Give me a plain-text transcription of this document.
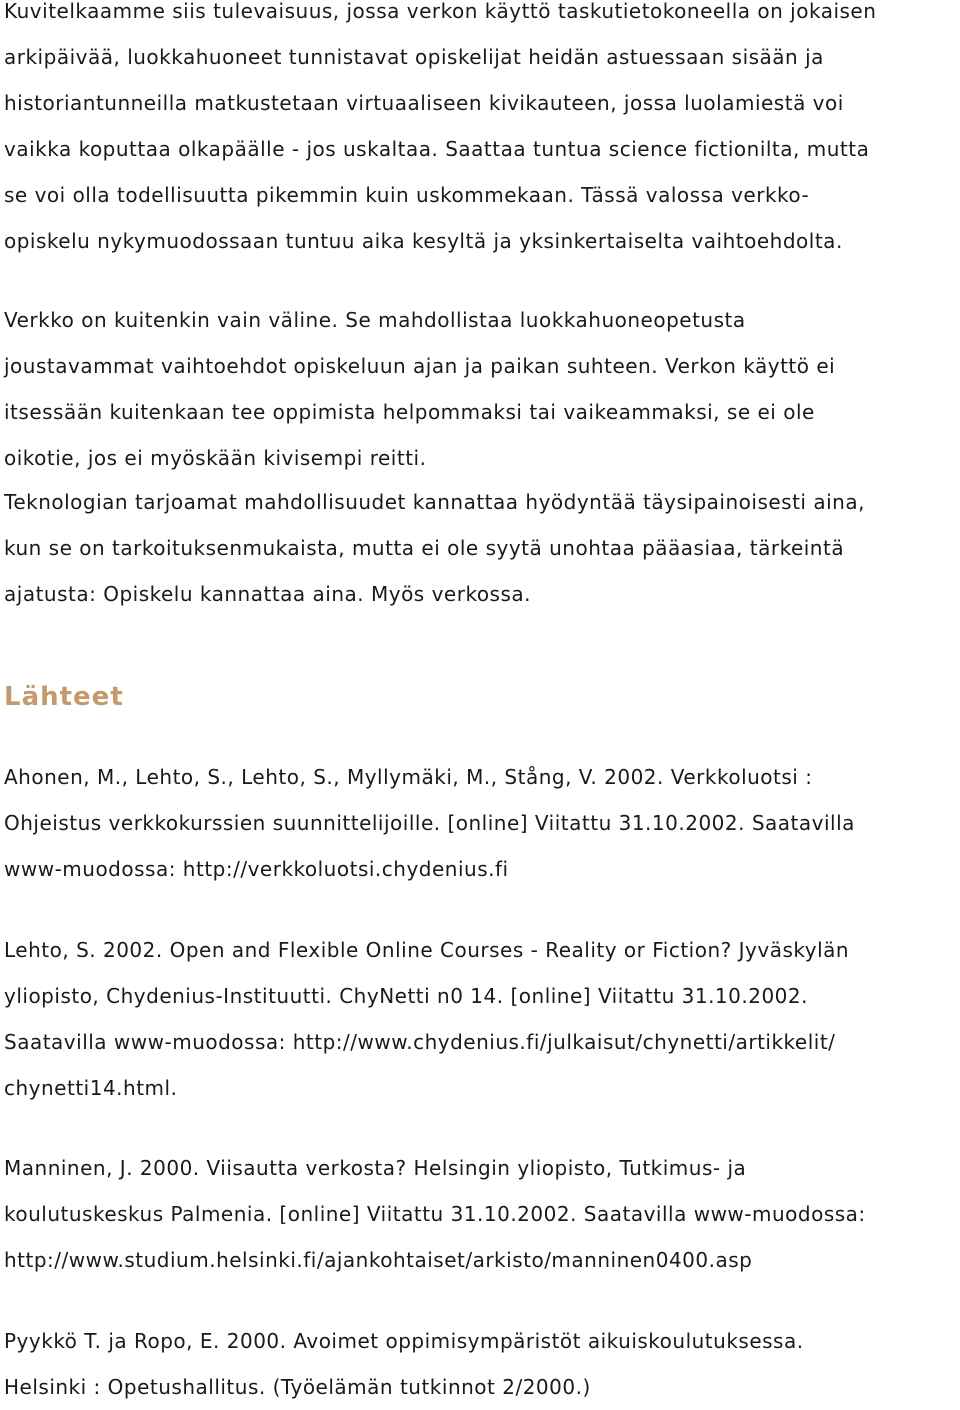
Kuvitelkaamme siis tulevaisuus, jossa verkon käyttö taskutietokoneella on jokaisen
arkipäivää, luokkahuoneet tunnistavat opiskelijat heidän astuessaan sisään ja
historiantunneilla matkustetaan virtuaaliseen kivikauteen, jossa luolamiestä voi
vaikka koputtaa olkapäälle - jos uskaltaa. Saattaa tuntua science fictionilta, mutta
se voi olla todellisuutta pikemmin kuin uskommekaan. Tässä valossa verkko-
opiskelu nykymuodossaan tuntuu aika kesyltä ja yksinkertaiselta vaihtoehdolta.

Verkko on kuitenkin vain väline. Se mahdollistaa luokkahuoneopetusta
joustavammat vaihtoehdot opiskeluun ajan ja paikan suhteen. Verkon käyttö ei
itsessään kuitenkaan tee oppimista helpommaksi tai vaikeammaksi, se ei ole
oikotie, jos ei myöskään kivisempi reitti.

Teknologian tarjoamat mahdollisuudet kannattaa hyödyntää täysipainoisesti aina,
kun se on tarkoituksenmukaista, mutta ei ole syytä unohtaa pääasiaa, tärkeintä
ajatusta: Opiskelu kannattaa aina. Myös verkossa.

Lähteet

Ahonen, M., Lehto, S., Lehto, S., Myllymäki, M., Stång, V. 2002. Verkkoluotsi :
Ohjeistus verkkokurssien suunnittelijoille. [online] Viitattu 31.10.2002. Saatavilla
www-muodossa: http://verkkoluotsi.chydenius.fi

Lehto, S. 2002. Open and Flexible Online Courses - Reality or Fiction? Jyväskylän
yliopisto, Chydenius-Instituutti. ChyNetti n0 14. [online] Viitattu 31.10.2002.
Saatavilla www-muodossa: http://www.chydenius.fi/julkaisut/chynetti/artikkelit/
chynetti14.html.

Manninen, J. 2000. Viisautta verkosta? Helsingin yliopisto, Tutkimus- ja
koulutuskeskus Palmenia. [online] Viitattu 31.10.2002. Saatavilla www-muodossa:
http://www.studium.helsinki.fi/ajankohtaiset/arkisto/manninen0400.asp

Pyykkö T. ja Ropo, E. 2000. Avoimet oppimisympäristöt aikuiskoulutuksessa.
Helsinki : Opetushallitus. (Työelämän tutkinnot 2/2000.)
